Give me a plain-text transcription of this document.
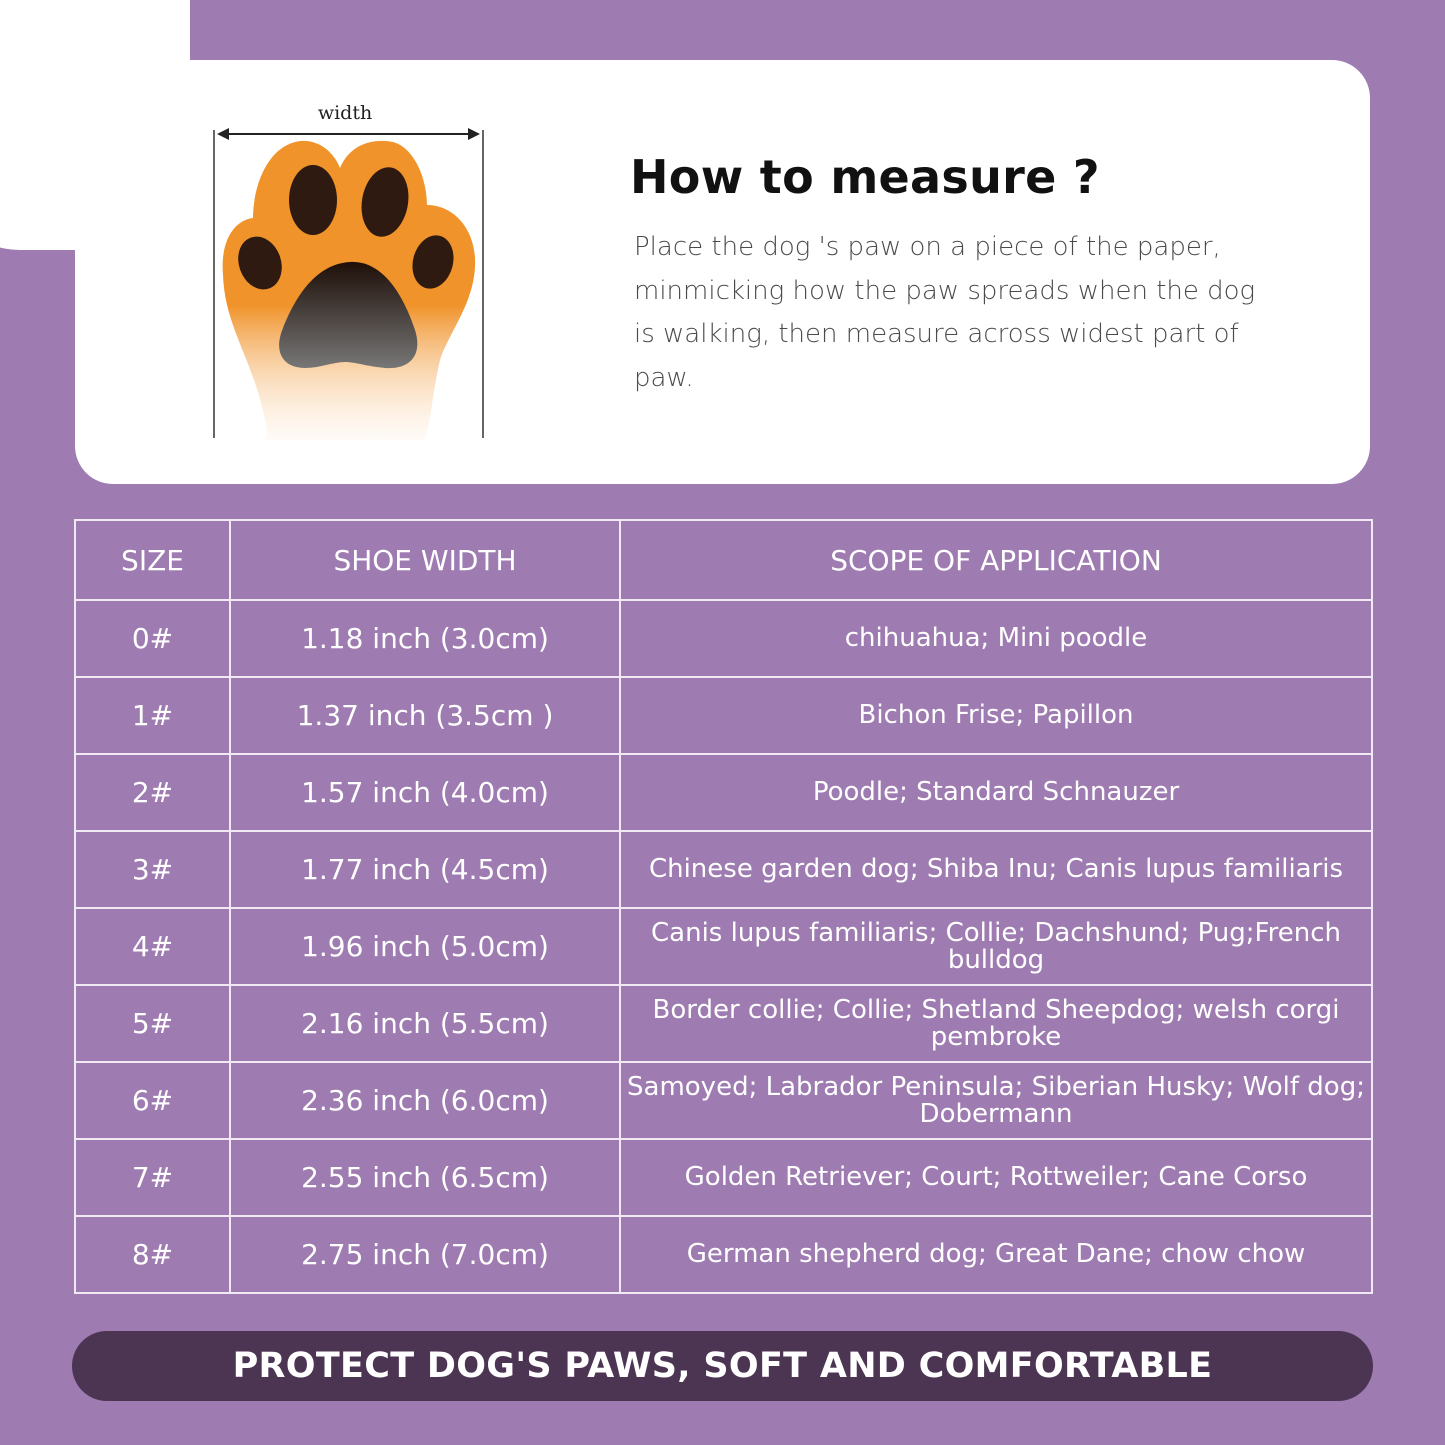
width
How to measure ?

Place the dog 's paw on a piece of the paper, minmicking how the paw spreads when the dog is walking, then measure across widest part of paw.

SIZE	SHOE WIDTH	SCOPE OF APPLICATION
0#	1.18 inch (3.0cm)	chihuahua; Mini poodle
1#	1.37 inch (3.5cm )	Bichon Frise; Papillon
2#	1.57 inch (4.0cm)	Poodle; Standard Schnauzer
3#	1.77 inch (4.5cm)	Chinese garden dog; Shiba Inu; Canis lupus familiaris
4#	1.96 inch (5.0cm)	Canis lupus familiaris; Collie; Dachshund; Pug;French bulldog
5#	2.16 inch (5.5cm)	Border collie; Collie; Shetland Sheepdog; welsh corgi pembroke
6#	2.36 inch (6.0cm)	Samoyed; Labrador Peninsula; Siberian Husky; Wolf dog; Dobermann
7#	2.55 inch (6.5cm)	Golden Retriever; Court; Rottweiler; Cane Corso
8#	2.75 inch (7.0cm)	German shepherd dog; Great Dane; chow chow
PROTECT DOG'S PAWS, SOFT AND COMFORTABLE
